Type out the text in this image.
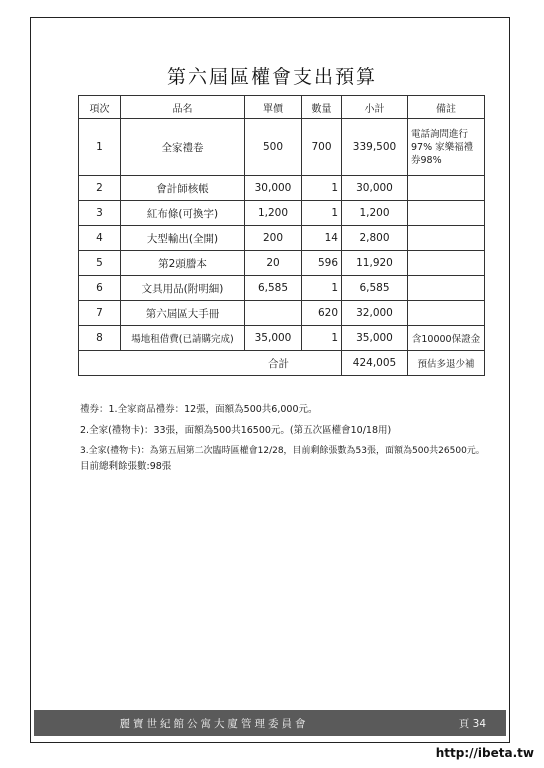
第六屆區權會支出預算
項次	品名	單價	數量	小計	備註
1	全家禮卷	500	700	339,500	電話詢問進行97% 家樂福禮券98%
2	會計師核帳	30,000	1	30,000	
3	紅布條(可換字)	1,200	1	1,200	
4	大型輸出(全開)	200	14	2,800	
5	第2頭謄本	20	596	11,920	
6	文具用品(附明細)	6,585	1	6,585	
7	第六屆區大手冊		620	32,000	
8	場地租借費(已請購完成)	35,000	1	35,000	含10000保證金
合計				424,005	預估多退少補

禮券：1.全家商品禮券：12張，面額為500共6,000元。

2.全家(禮物卡)：33張，面額為500共16500元。(第五次區權會10/18用)

3.全家(禮物卡)：為第五屆第二次臨時區權會12/28，目前剩餘張數為53張，面額為500共26500元。

目前總剩餘張數:98張

麗寶世紀館公寓大廈管理委員會	頁 34
http://ibeta.tw
